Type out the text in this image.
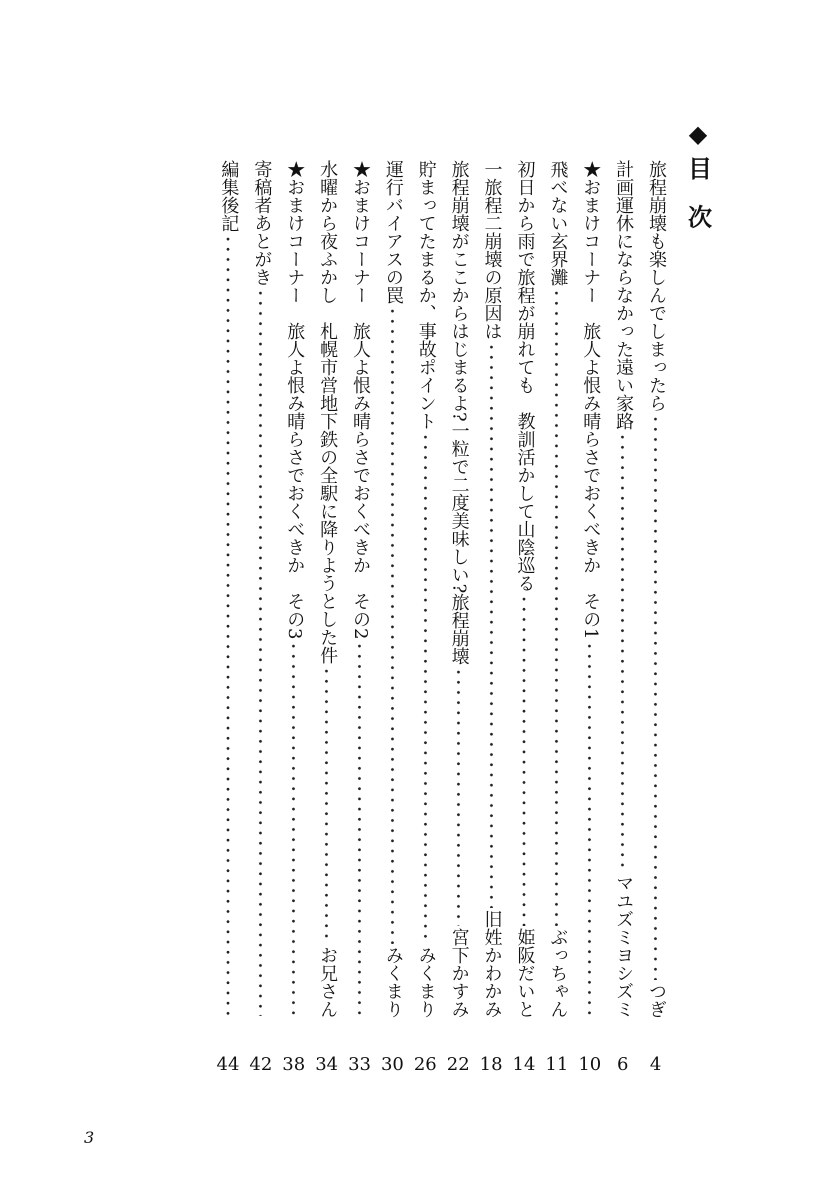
◆
目 次
旅程崩壊も楽しんでしまったら
つぎ
4
計画運休にならなかった遠い家路
マユズミヨシズミ
6
★おまけコーナー　旅人よ恨み晴らさでおくべきか　その1
10
飛べない玄界灘
ぶっちゃん
11
初日から雨で旅程が崩れても　教訓活かして山陰巡る
姫阪だいと
14
一旅程二崩壊の原因は
旧姓かわかみ
18
旅程崩壊がここからはじまるよ?一粒で二度美味しい?旅程崩壊
宮下かすみ
22
貯まってたまるか、事故ポイント
みくまり
26
運行バイアスの罠
みくまり
30
★おまけコーナー　旅人よ恨み晴らさでおくべきか　その2
33
水曜から夜ふかし　札幌市営地下鉄の全駅に降りようとした件
お兄さん
34
★おまけコーナー　旅人よ恨み晴らさでおくべきか　その3
38
寄稿者あとがき
42
編集後記
44
3
